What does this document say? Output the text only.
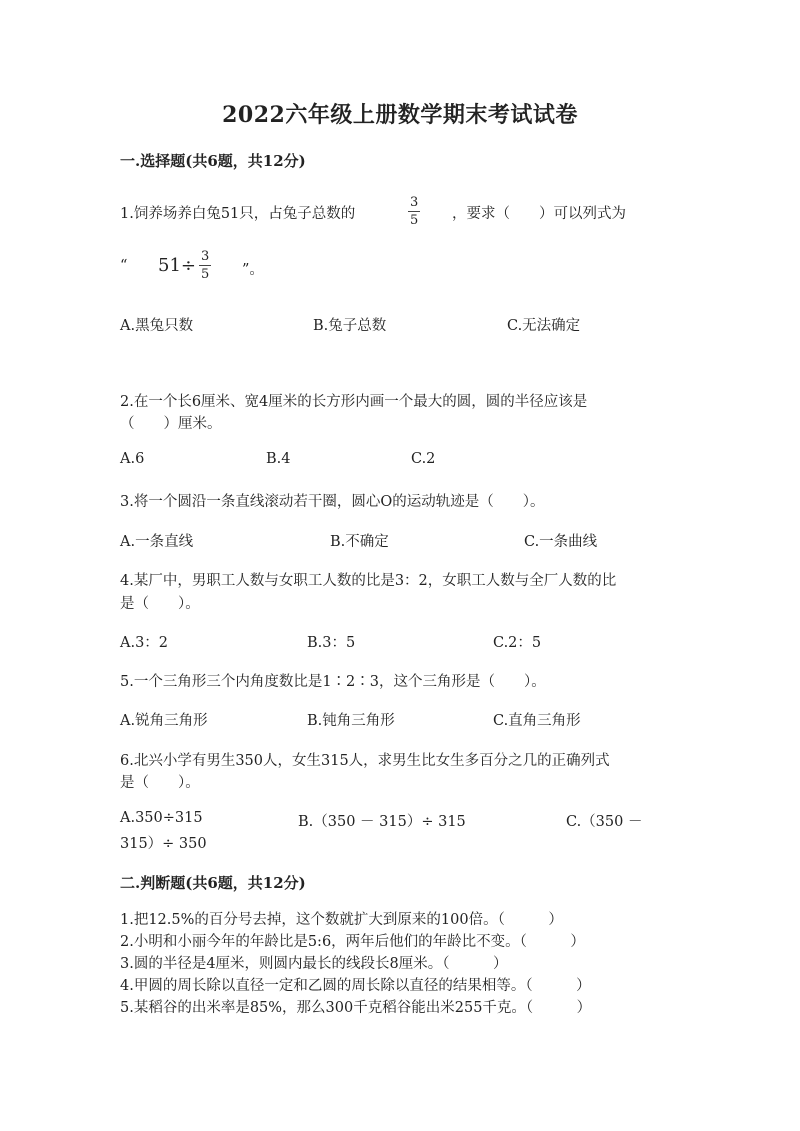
2022六年级上册数学期末考试试卷
一.选择题(共6题，共12分)
1.饲养场养白兔51只，占兔子总数的	$\frac{3}{5}$ ，要求（　　）可以列式为
“ $51\div \frac{3}{5}$ ”。
A.黑兔只数	B.兔子总数	C.无法确定
2.在一个长6厘米、宽4厘米的长方形内画一个最大的圆，圆的半径应该是
（　　）厘米。
A.6	B.4	C.2
3.将一个圆沿一条直线滚动若干圈，圆心O的运动轨迹是（　　）。
A.一条直线	B.不确定	C.一条曲线
4.某厂中，男职工人数与女职工人数的比是3：2，女职工人数与全厂人数的比
是（　　）。
A.3：2	B.3：5	C.2：5
5.一个三角形三个内角度数比是1∶2∶3，这个三角形是（　　）。
A.锐角三角形	B.钝角三角形	C.直角三角形
6.北兴小学有男生350人，女生315人，求男生比女生多百分之几的正确列式
是（　　）。
A.350÷315	B.（350 － 315）÷ 315	C.（350 －
315）÷ 350
二.判断题(共6题，共12分)
1.把12.5%的百分号去掉，这个数就扩大到原来的100倍。（　　　）
2.小明和小丽今年的年龄比是5:6，两年后他们的年龄比不变。（　　　）
3.圆的半径是4厘米，则圆内最长的线段长8厘米。（　　　）
4.甲圆的周长除以直径一定和乙圆的周长除以直径的结果相等。（　　　）
5.某稻谷的出米率是85%，那么300千克稻谷能出米255千克。（　　　）
